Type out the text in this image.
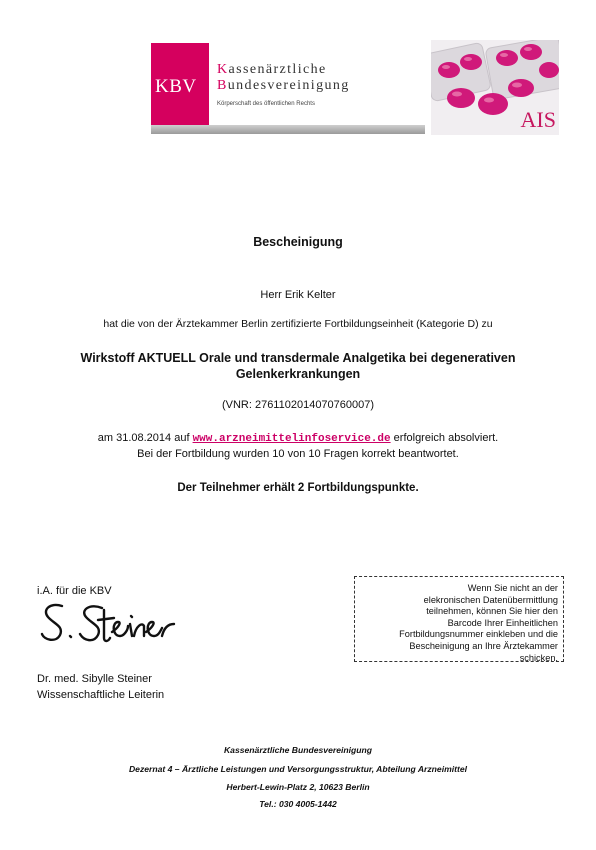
KBV
Kassenärztliche
Bundesvereinigung
Körperschaft des öffentlichen Rechts
AIS
Bescheinigung
Herr Erik Kelter
hat die von der Ärztekammer Berlin zertifizierte Fortbildungseinheit (Kategorie D) zu
Wirkstoff AKTUELL Orale und transdermale Analgetika bei degenerativen
Gelenkerkrankungen
(VNR: 2761102014070760007)
am 31.08.2014 auf www.arzneimittelinfoservice.de erfolgreich absolviert.
Bei der Fortbildung wurden 10 von 10 Fragen korrekt beantwortet.
Der Teilnehmer erhält 2 Fortbildungspunkte.
i.A. für die KBV
Dr. med. Sibylle Steiner
Wissenschaftliche Leiterin
Wenn Sie nicht an der
elekronischen Datenübermittlung
teilnehmen, können Sie hier den
Barcode Ihrer Einheitlichen
Fortbildungsnummer einkleben und die
Bescheinigung an Ihre Ärztekammer
schicken.
Kassenärztliche Bundesvereinigung
Dezernat 4 – Ärztliche Leistungen und Versorgungsstruktur, Abteilung Arzneimittel
Herbert-Lewin-Platz 2, 10623 Berlin
Tel.: 030 4005-1442
